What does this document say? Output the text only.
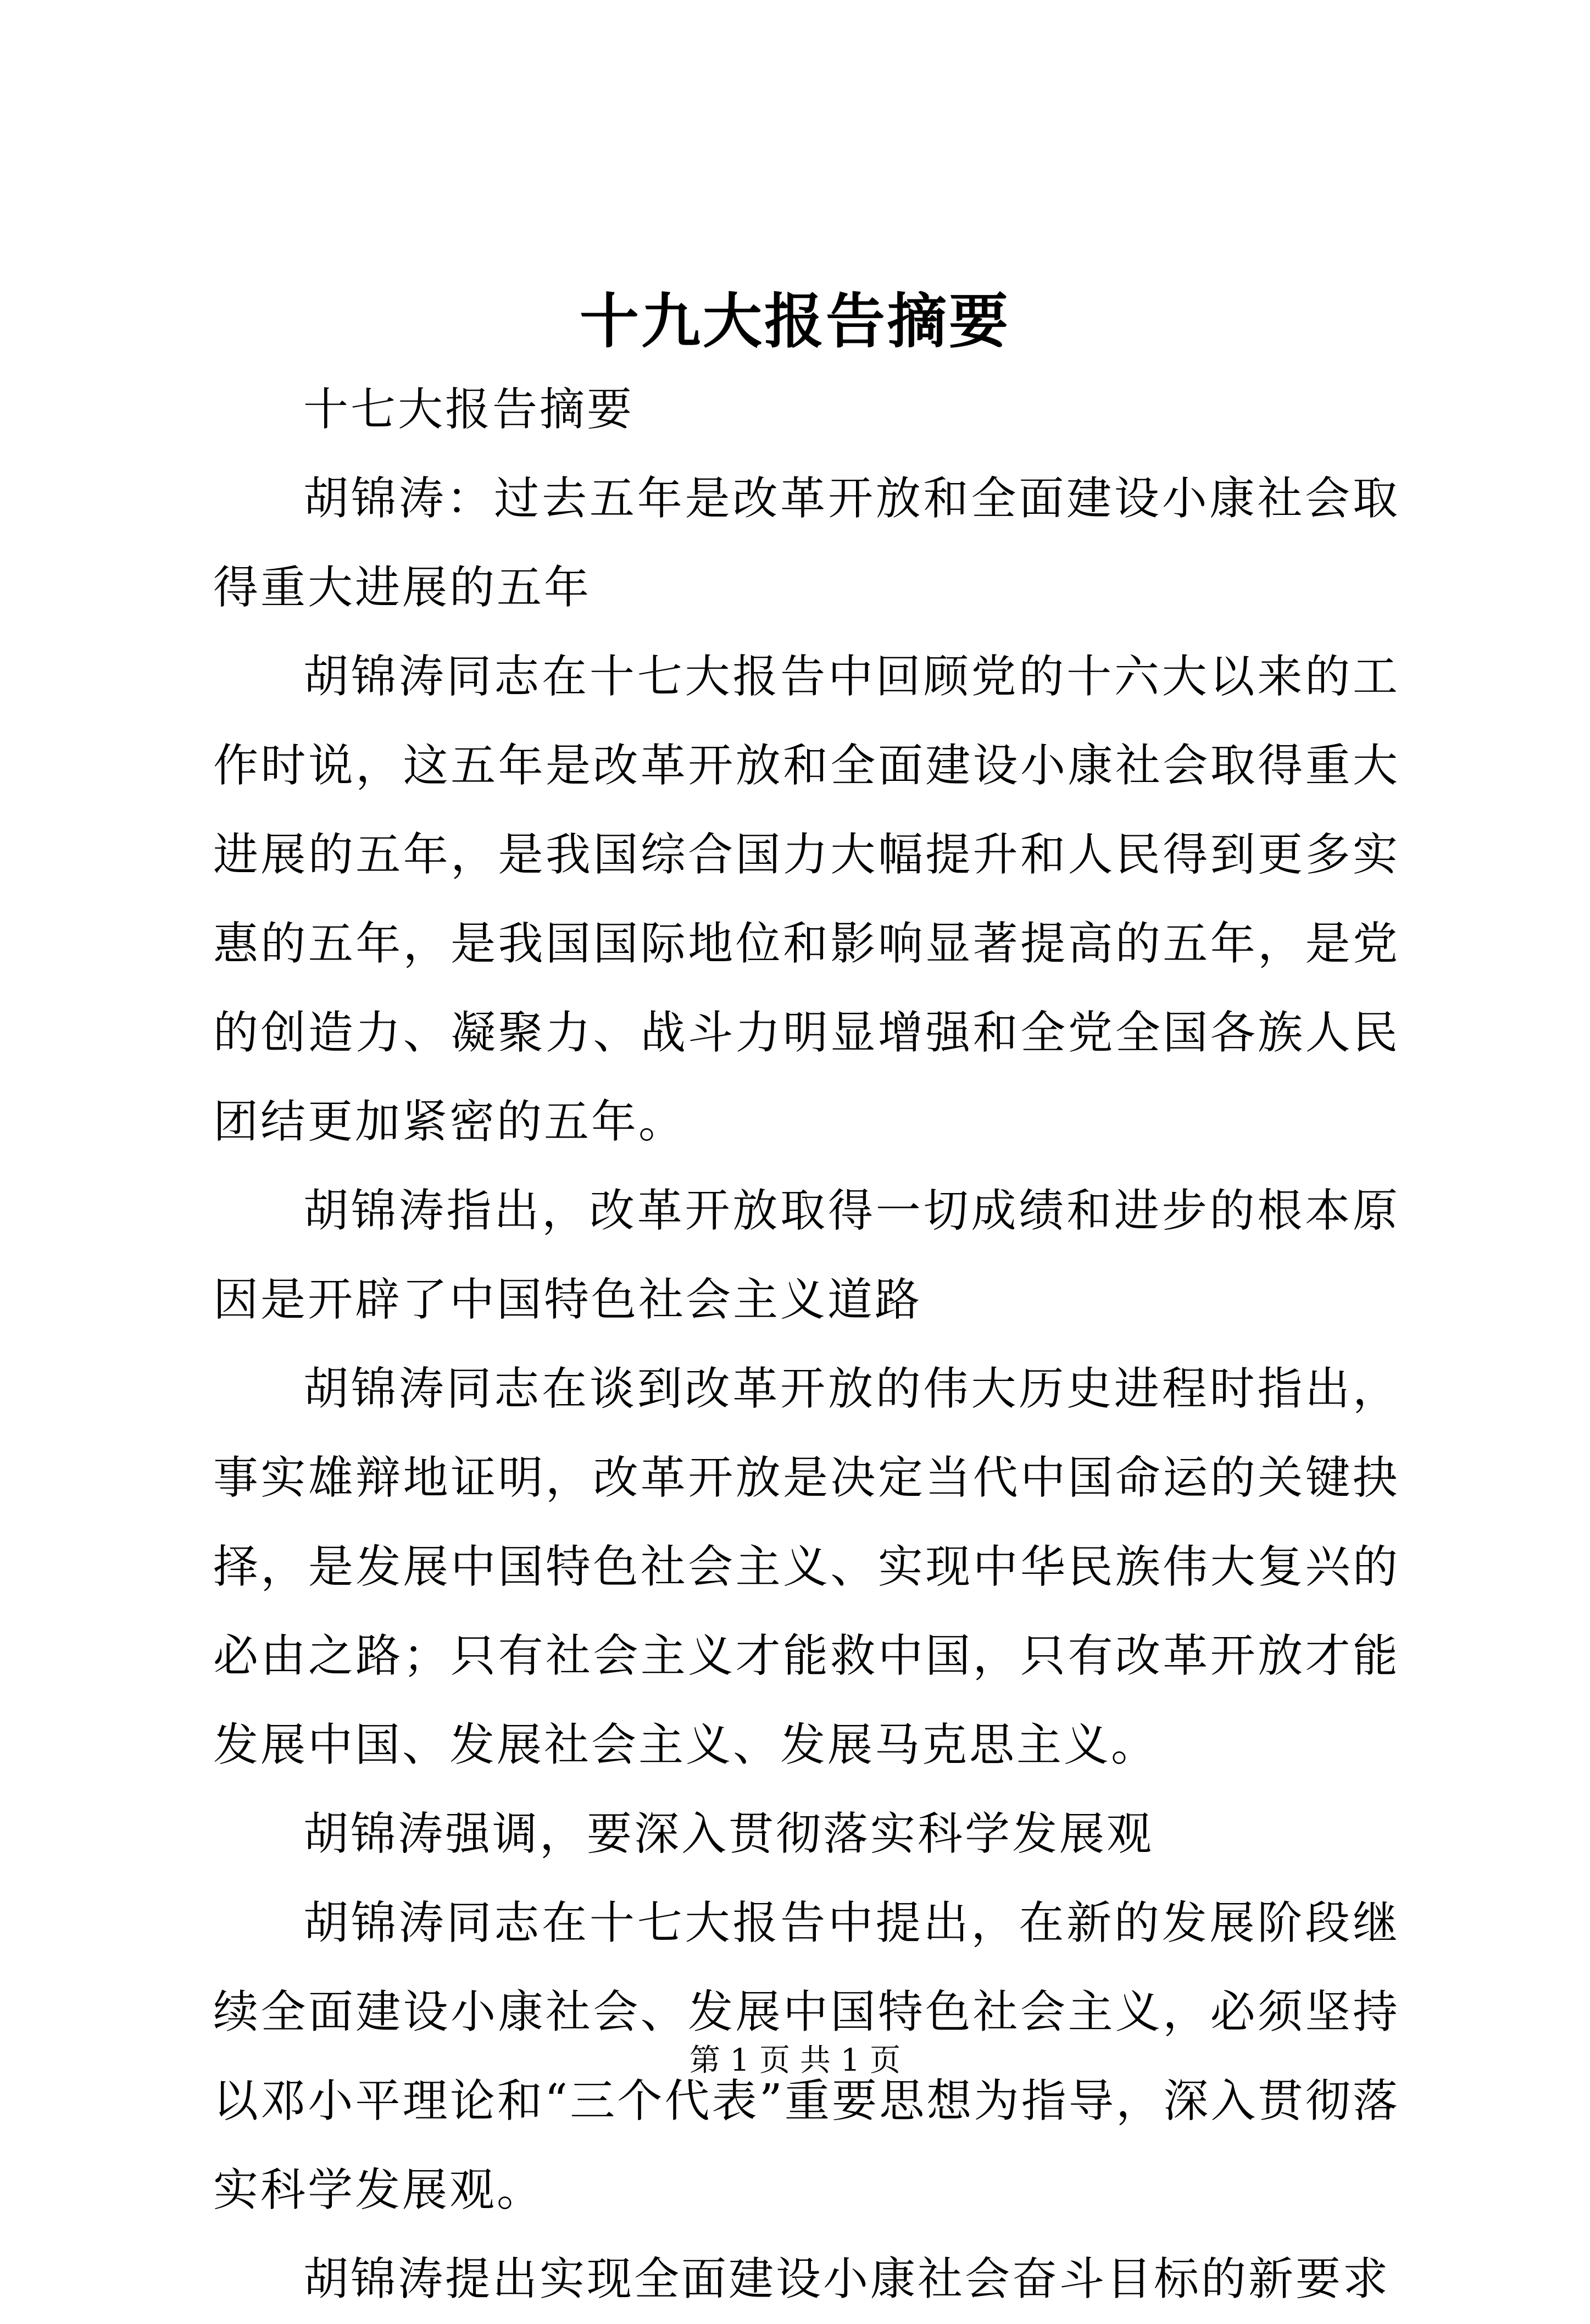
十九大报告摘要

十七大报告摘要

胡锦涛：过去五年是改革开放和全面建设小康社会取得重大进展的五年

胡锦涛同志在十七大报告中回顾党的十六大以来的工作时说，这五年是改革开放和全面建设小康社会取得重大进展的五年，是我国综合国力大幅提升和人民得到更多实惠的五年，是我国国际地位和影响显著提高的五年，是党的创造力、凝聚力、战斗力明显增强和全党全国各族人民团结更加紧密的五年。

胡锦涛指出，改革开放取得一切成绩和进步的根本原因是开辟了中国特色社会主义道路

胡锦涛同志在谈到改革开放的伟大历史进程时指出，事实雄辩地证明，改革开放是决定当代中国命运的关键抉择，是发展中国特色社会主义、实现中华民族伟大复兴的必由之路；只有社会主义才能救中国，只有改革开放才能发展中国、发展社会主义、发展马克思主义。

胡锦涛强调，要深入贯彻落实科学发展观

胡锦涛同志在十七大报告中提出，在新的发展阶段继续全面建设小康社会、发展中国特色社会主义，必须坚持以邓小平理论和“三个代表”重要思想为指导，深入贯彻落实科学发展观。

胡锦涛提出实现全面建设小康社会奋斗目标的新要求

第 1 页 共 1 页
